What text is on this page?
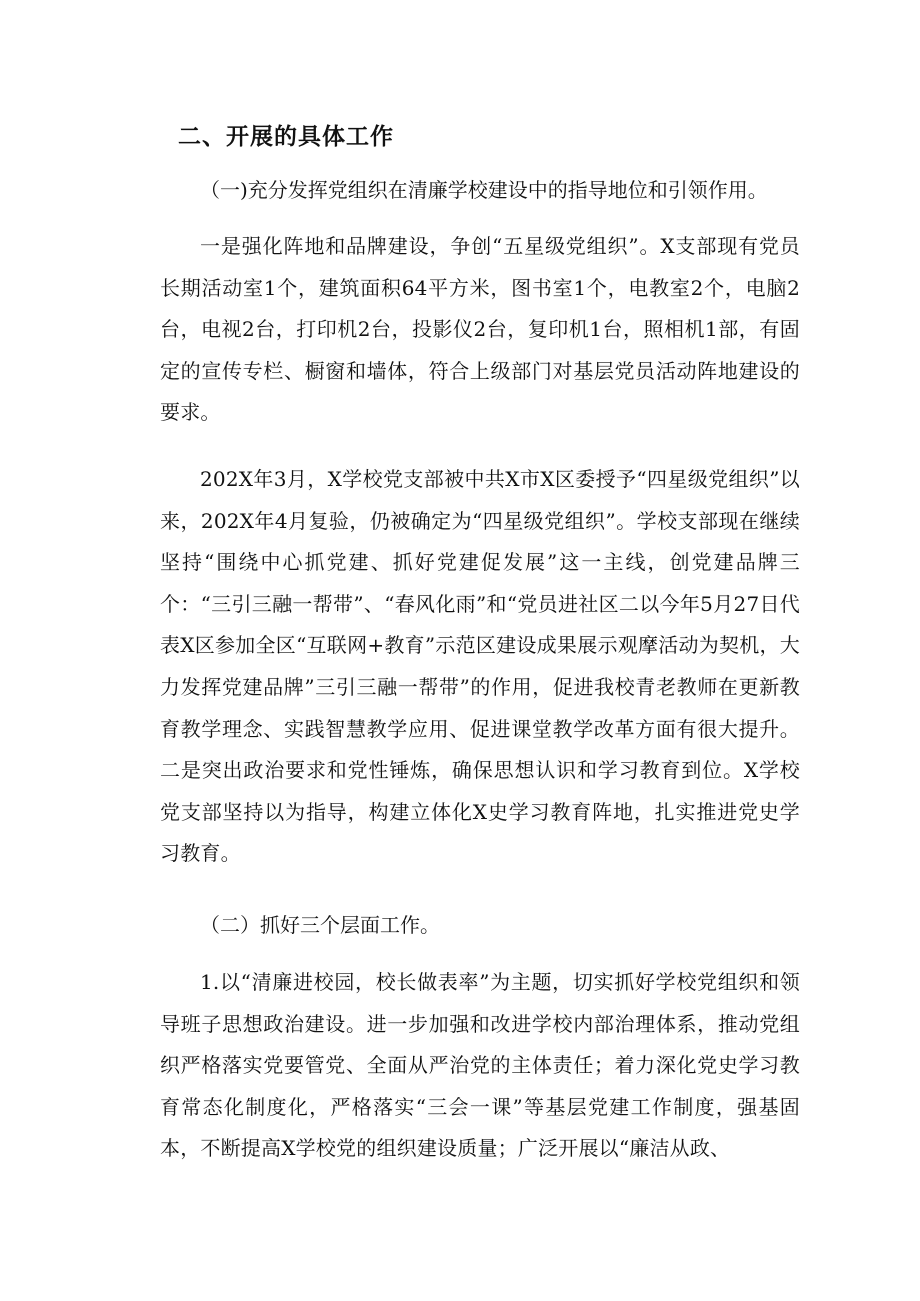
二、开展的具体工作

（一)充分发挥党组织在清廉学校建设中的指导地位和引领作用。

一是强化阵地和品牌建设，争创“五星级党组织”。X支部现有党员长期活动室1个，建筑面积64平方米，图书室1个，电教室2个，电脑2台，电视2台，打印机2台，投影仪2台，复印机1台，照相机1部，有固定的宣传专栏、橱窗和墙体，符合上级部门对基层党员活动阵地建设的要求。

202X年3月，X学校党支部被中共X市X区委授予“四星级党组织”以来，202X年4月复验，仍被确定为“四星级党组织”。学校支部现在继续坚持“围绕中心抓党建、抓好党建促发展”这一主线，创党建品牌三个：“三引三融一帮带”、“春风化雨”和“党员进社区二以今年5月27日代表X区参加全区“互联网+教育”示范区建设成果展示观摩活动为契机，大力发挥党建品牌”三引三融一帮带”的作用，促进我校青老教师在更新教育教学理念、实践智慧教学应用、促进课堂教学改革方面有很大提升。二是突出政治要求和党性锤炼，确保思想认识和学习教育到位。X学校党支部坚持以为指导，构建立体化X史学习教育阵地，扎实推进党史学习教育。

（二）抓好三个层面工作。

1.以“清廉进校园，校长做表率”为主题，切实抓好学校党组织和领导班子思想政治建设。进一步加强和改进学校内部治理体系，推动党组织严格落实党要管党、全面从严治党的主体责任；着力深化党史学习教育常态化制度化，严格落实“三会一课”等基层党建工作制度，强基固本，不断提高X学校党的组织建设质量；广泛开展以“廉洁从政、
